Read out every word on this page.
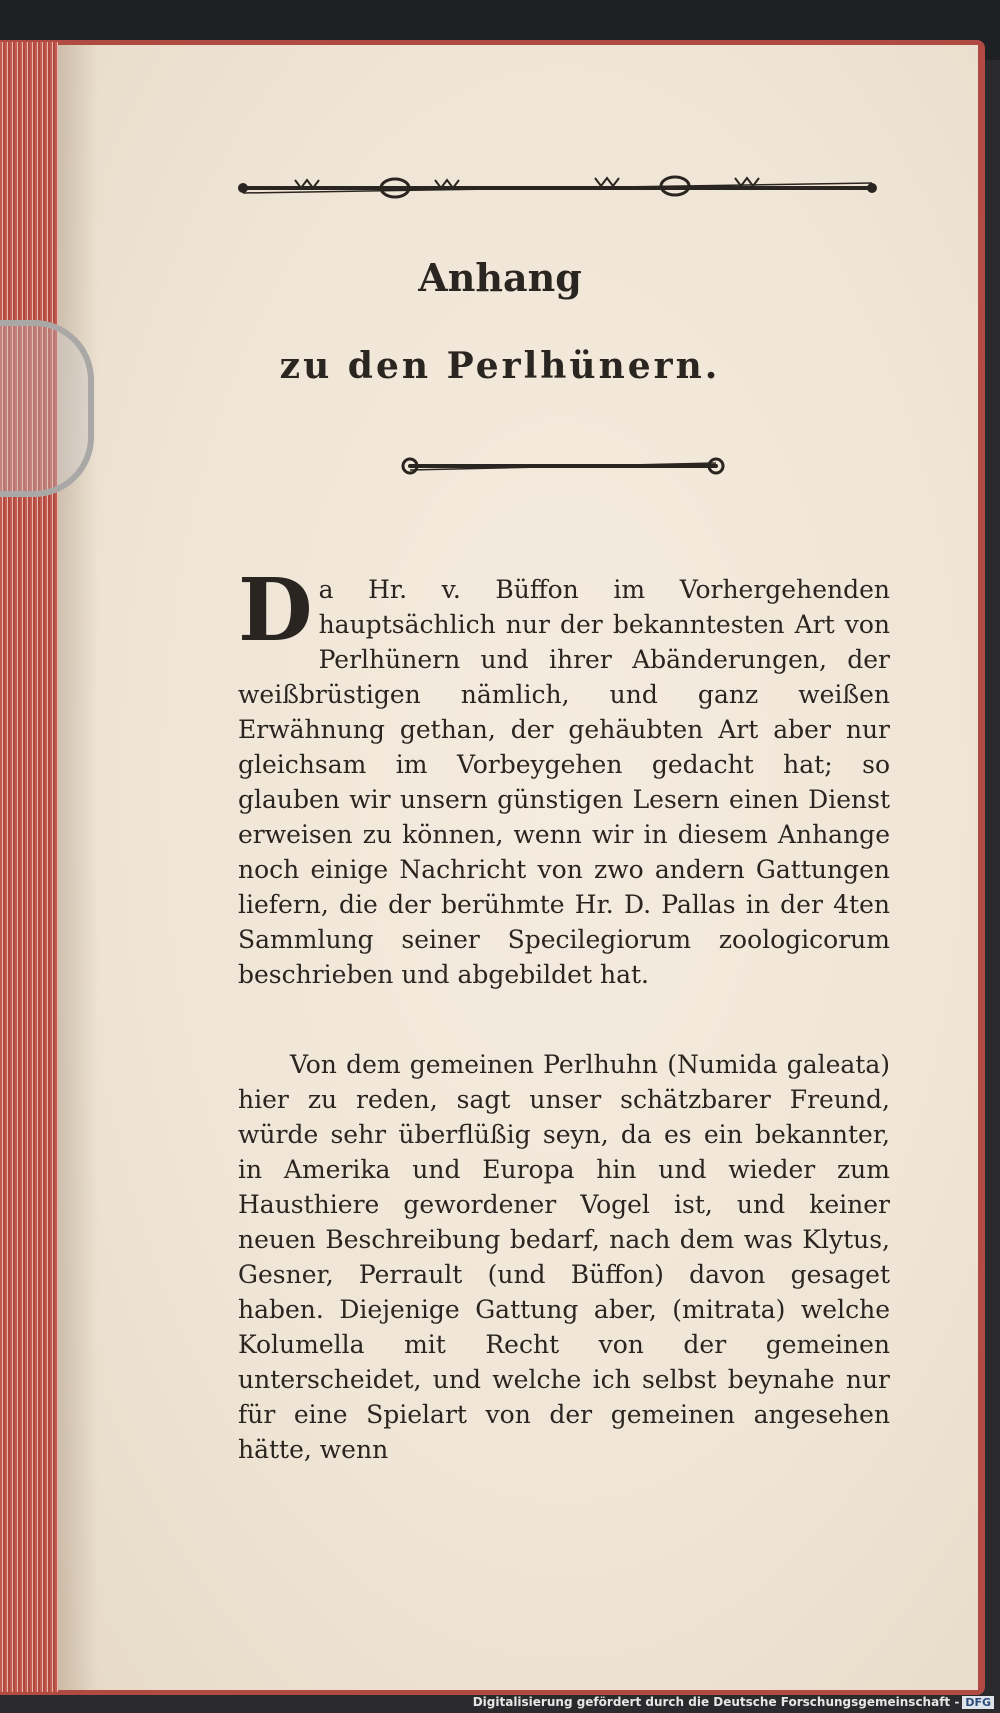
Anhang
zu den Perlhünern.
D a Hr. v. Büffon im Vorhergehenden hauptsächlich nur der bekanntesten Art von Perlhünern und ihrer Abänderungen, der weißbrüstigen nämlich, und ganz weißen Erwähnung gethan, der gehäubten Art aber nur gleichsam im Vorbeygehen gedacht hat; so glauben wir unsern günstigen Lesern einen Dienst erweisen zu können, wenn wir in diesem Anhange noch einige Nachricht von zwo andern Gattungen liefern, die der berühmte Hr. D. Pallas in der 4ten Sammlung seiner Specilegiorum zoologicorum beschrieben und abgebildet hat.
Von dem gemeinen Perlhuhn (Numida galeata) hier zu reden, sagt unser schätzbarer Freund, würde sehr überflüßig seyn, da es ein bekannter, in Amerika und Europa hin und wieder zum Hausthiere gewordener Vogel ist, und keiner neuen Beschreibung bedarf, nach dem was Klytus, Gesner, Perrault (und Büffon) davon gesaget haben. Diejenige Gattung aber, (mitrata) welche Kolumella mit Recht von der gemeinen unterscheidet, und welche ich selbst beynahe nur für eine Spielart von der gemeinen angesehen hätte, wenn
Digitalisierung gefördert durch die Deutsche Forschungsgemeinschaft - DFG
